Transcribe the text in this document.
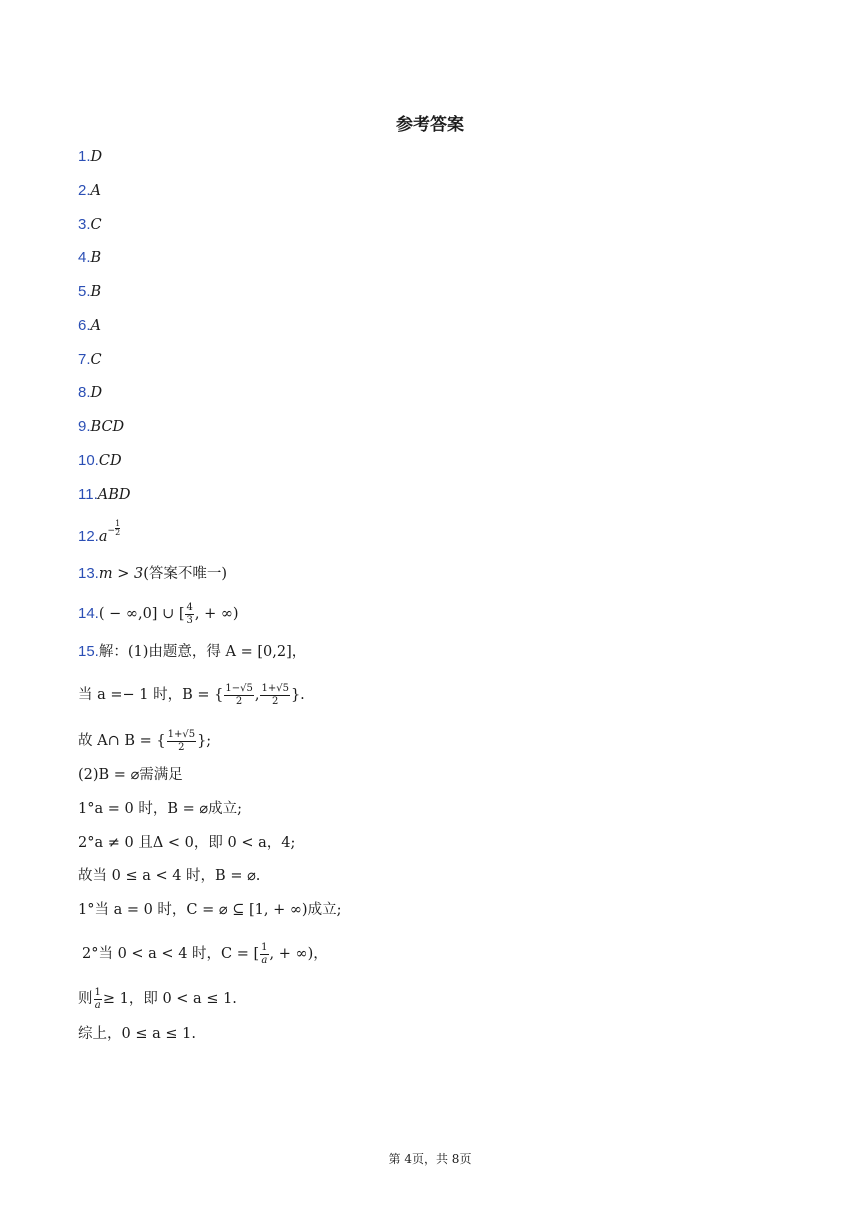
参考答案
1.D
2.A
3.C
4.B
5.B
6.A
7.C
8.D
9.BCD
10.CD
11.ABD
$12.a^- \frac{1}{2}$
13.m > 3(答案不唯一)
14.( − ∞,0] ∪ [ $\frac{4}{3}$ , + ∞)
15.解：(1)由题意，得 A = [0,2]，
当 a =− 1 时，B = { $\frac{1-√5}{2}$ , $\frac{1+√5}{2}$ }.
故 A∩ B = { $\frac{1+√5}{2}$ };
(2)B = ⌀需满足
1°a = 0 时，B = ⌀成立;
2°a ≠ 0 且Δ < 0，即 0 < a，4;
故当 0 ≤ a < 4 时，B = ⌀.
1°当 a = 0 时，C = ⌀ ⊆ [1, + ∞)成立;
2°当 0 < a < 4 时，C = [ $\frac{1}{a}$ , + ∞)，
则 $\frac{1}{a} \ge 1$，即 0 < a ≤ 1.
综上，0 ≤ a ≤ 1.
第 4页，共 8页
